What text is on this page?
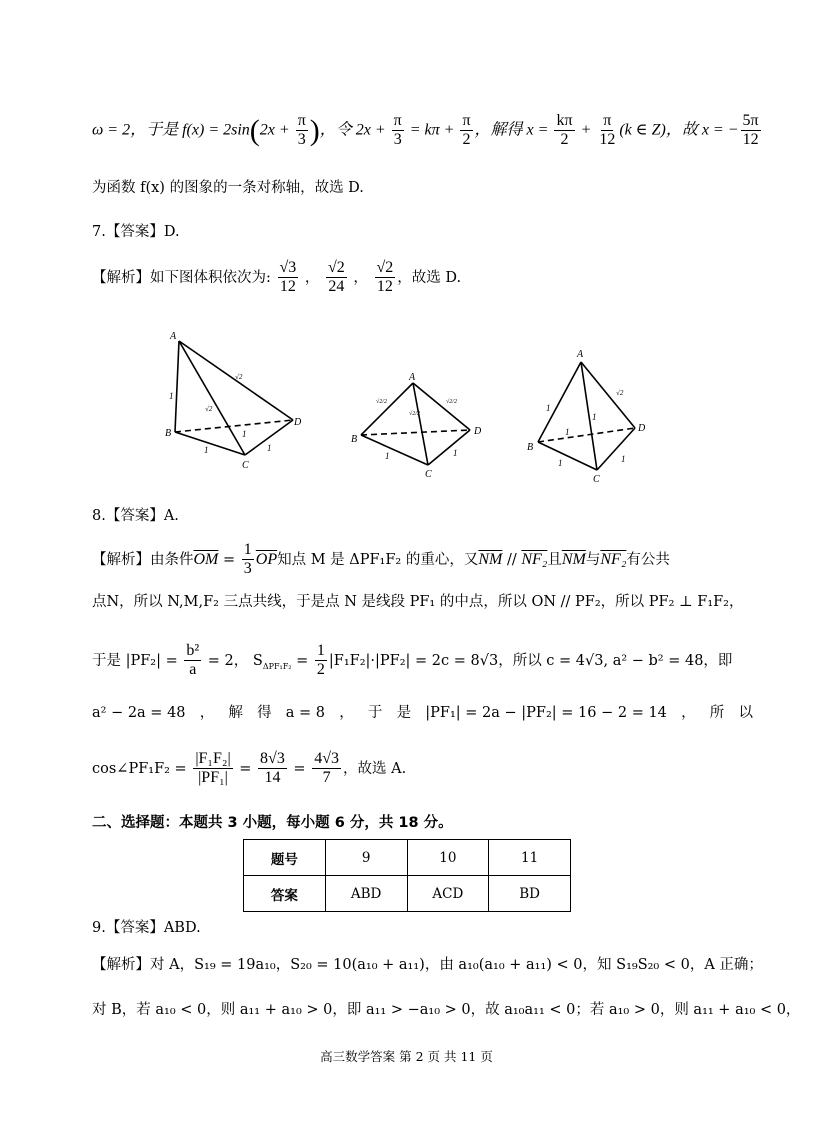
ω = 2，于是 $f(x) = 2\sin(2x + \frac{\pi}{3}$ )，令 $2x + \frac{\pi}{3} = k\pi + \frac{\pi}{2}$ ，解得 $x = \frac{k\pi}{2} + \frac{\pi}{12} (k$ ∈ Z)，故 x = − $\frac{5\pi}{12}$
为函数 f(x) 的图象的一条对称轴，故选 D.
7.【答案】D.
【解析】如下图体积依次为: $\frac{√3}{12}$ ， $\frac{√2}{24}$ ， $\frac{√2}{12}$ ，故选 D.
A
B
C
D
1
√2
√2
1
1	1
A
B
C
D
√2/2	√2/2
√2/2
1	1
A
B
C
D
1
√2
1
1
1	1
8.【答案】A.
【解析】由条件$\overline{OM} = \frac{1}{3} \overline{OP}$知点 M 是 ΔPF₁F₂ 的重心，又$\overline{NM} // NF_2$且$\overline{NM}$与NF₂有公共
点N，所以 N,M,F₂ 三点共线，于是点 N 是线段 PF₁ 的中点，所以 ON // PF₂，所以 PF₂ ⊥ F₁F₂，
于是 $|PF_2| = \frac{\text{b²}}{a} = 2$， $S_{\Delta PF_1F_2} = \frac{1}{2} |F_1F_2|\cdot|PF_2| = 2c = 8√3$，所以 c = 4√3, a² − b² = 48，即
a² − 2a = 48 ， 解 得 a = 8 ， 于 是 |PF₁| = 2a − |PF₂| = 16 − 2 = 14 ， 所 以
cos∠PF₁F₂ = $\frac{\text{|F₁F₂|}}{\text{|PF₁|}} = \frac{8√3}{14} = \frac{4√3}{7}$ ，故选 A.
二、选择题：本题共 3 小题，每小题 6 分，共 18 分。
题号	9	10	11
答案	ABD	ACD	BD
9.【答案】ABD.
【解析】对 A，S₁₉ = 19a₁₀，S₂₀ = 10(a₁₀ + a₁₁)，由 a₁₀(a₁₀ + a₁₁) < 0，知 S₁₉S₂₀ < 0，A 正确；
对 B，若 a₁₀ < 0，则 a₁₁ + a₁₀ > 0，即 a₁₁ > −a₁₀ > 0，故 a₁₀a₁₁ < 0；若 a₁₀ > 0，则 a₁₁ + a₁₀ < 0，
高三数学答案 第 2 页 共 11 页
